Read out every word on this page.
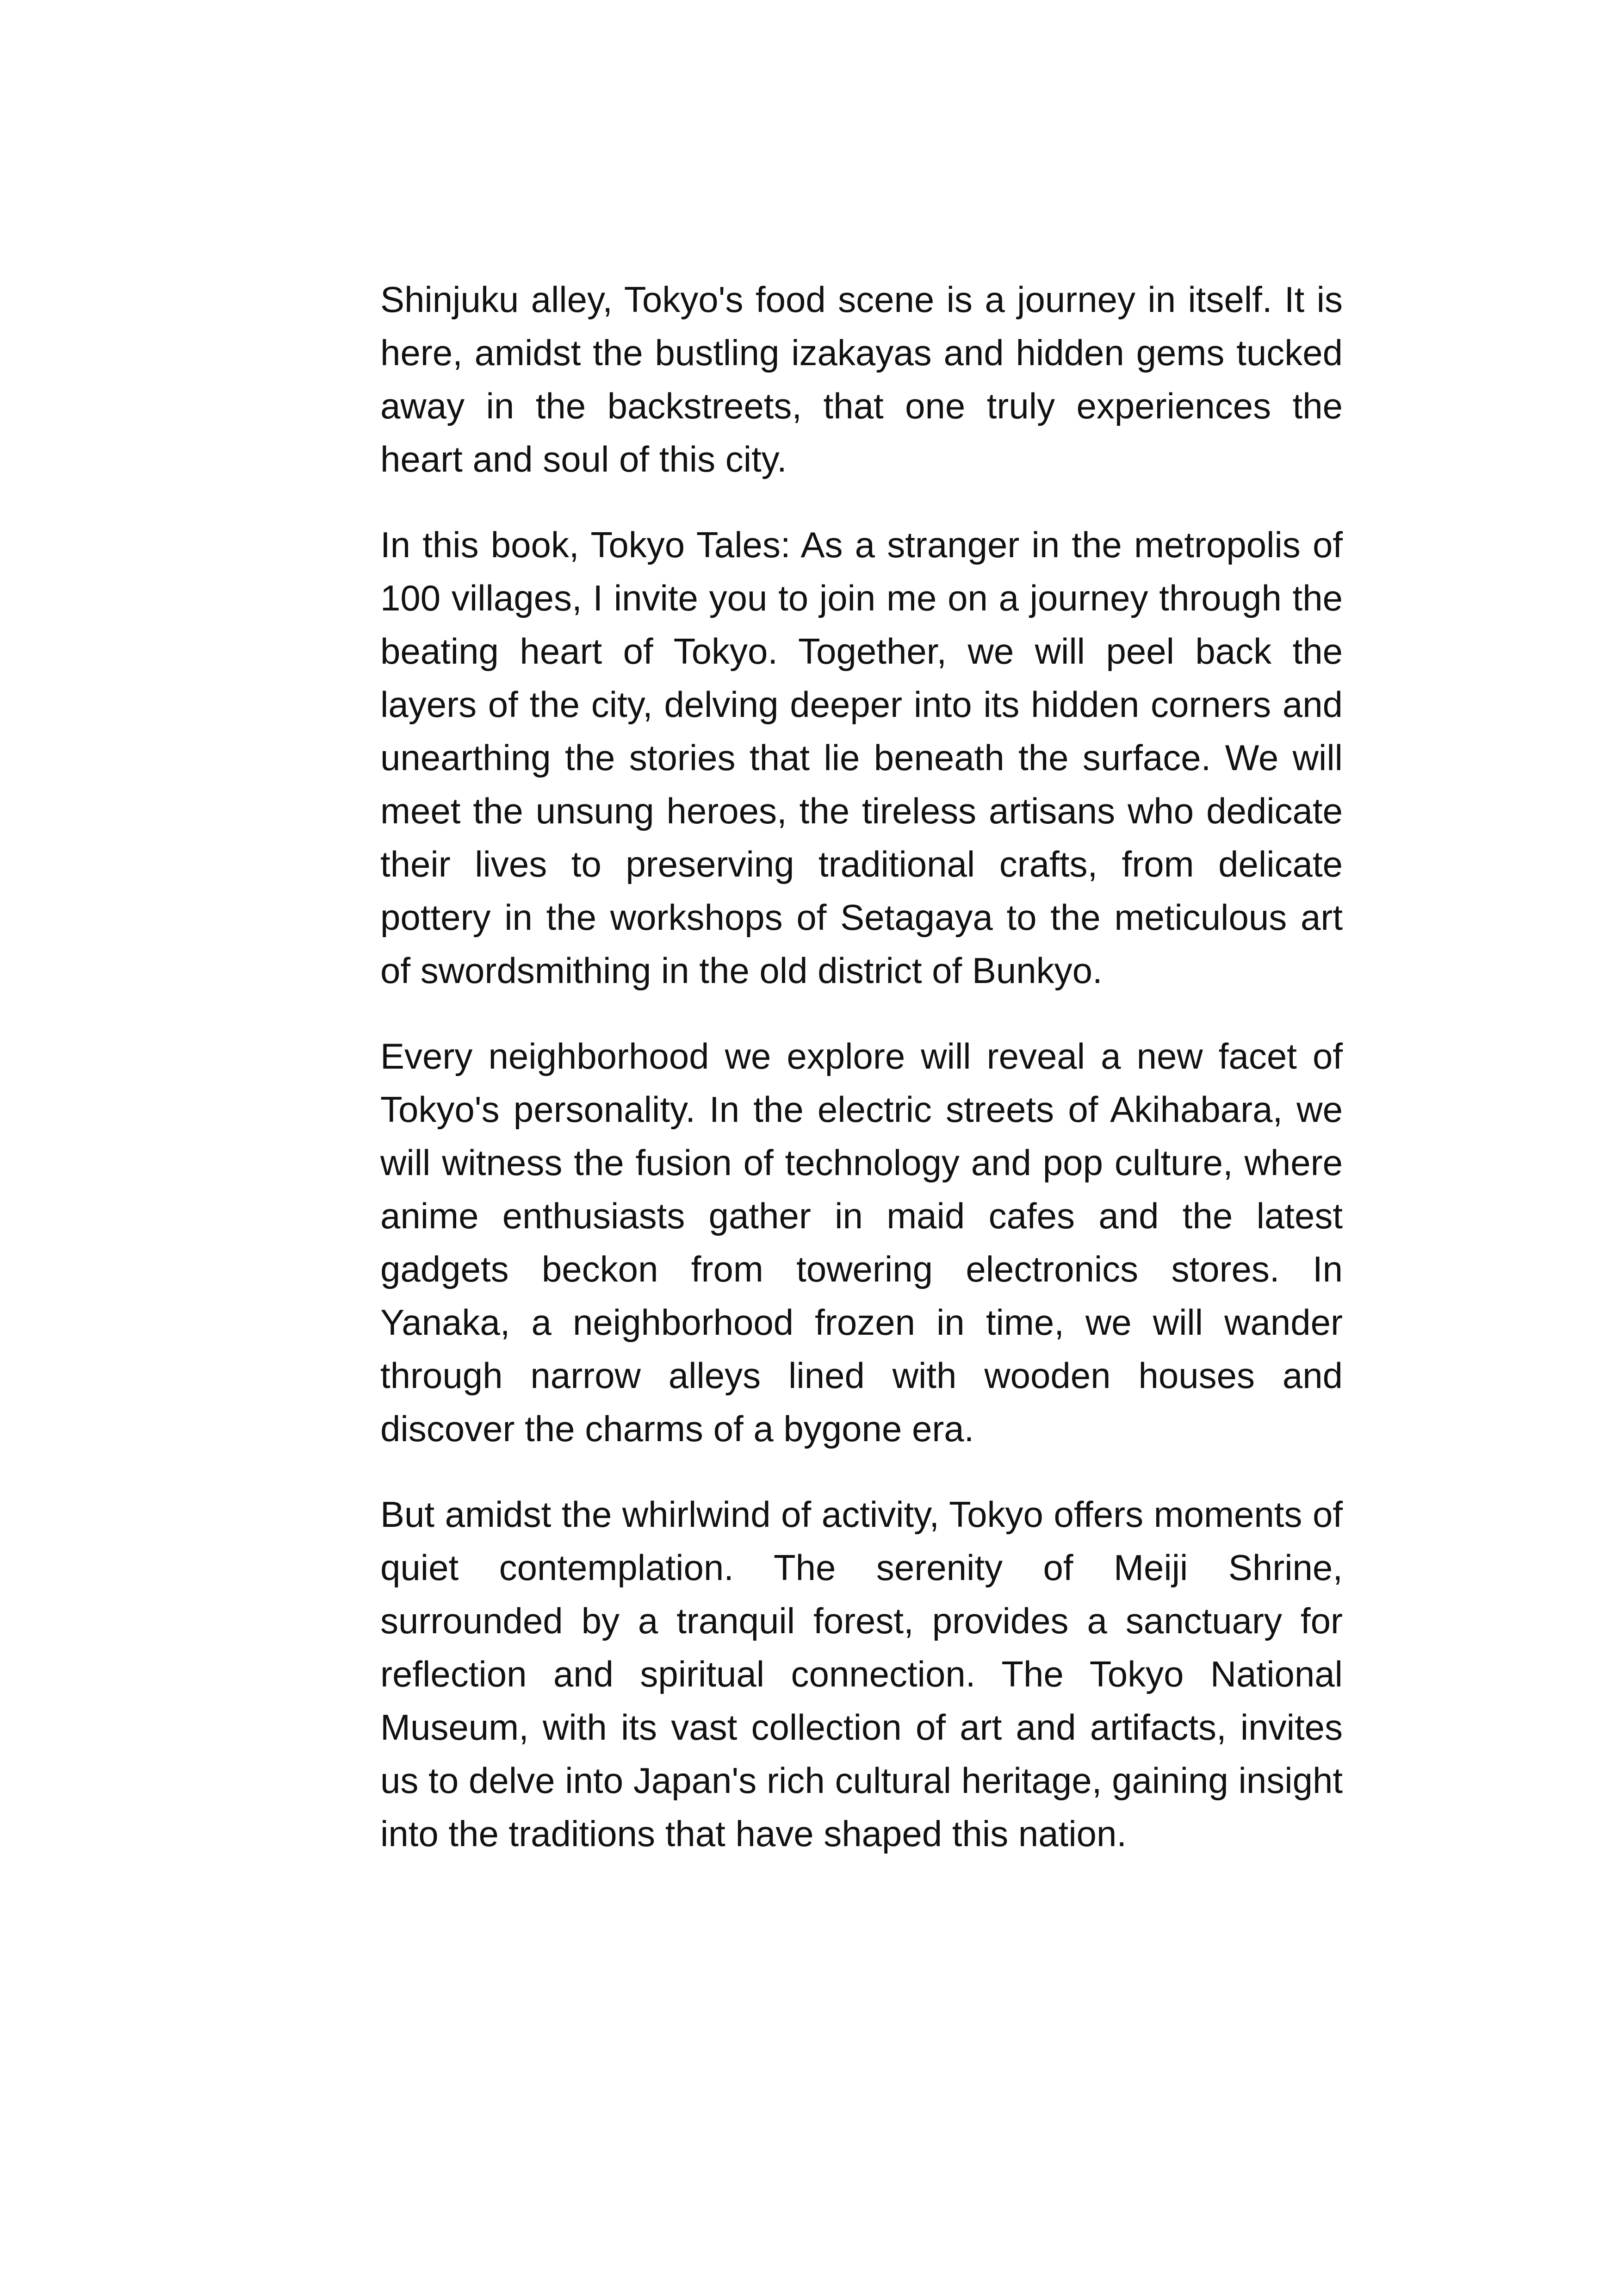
Shinjuku alley, Tokyo's food scene is a journey in itself. It is here, amidst the bustling izakayas and hidden gems tucked away in the backstreets, that one truly experiences the heart and soul of this city.

In this book, Tokyo Tales: As a stranger in the metropolis of 100 villages, I invite you to join me on a journey through the beating heart of Tokyo. Together, we will peel back the layers of the city, delving deeper into its hidden corners and unearthing the stories that lie beneath the surface. We will meet the unsung heroes, the tireless artisans who dedicate their lives to preserving traditional crafts, from delicate pottery in the workshops of Setagaya to the meticulous art of swordsmithing in the old district of Bunkyo.

Every neighborhood we explore will reveal a new facet of Tokyo's personality. In the electric streets of Akihabara, we will witness the fusion of technology and pop culture, where anime enthusiasts gather in maid cafes and the latest gadgets beckon from towering electronics stores. In Yanaka, a neighborhood frozen in time, we will wander through narrow alleys lined with wooden houses and discover the charms of a bygone era.

But amidst the whirlwind of activity, Tokyo offers moments of quiet contemplation. The serenity of Meiji Shrine, surrounded by a tranquil forest, provides a sanctuary for reflection and spiritual connection. The Tokyo National Museum, with its vast collection of art and artifacts, invites us to delve into Japan's rich cultural heritage, gaining insight into the traditions that have shaped this nation.
